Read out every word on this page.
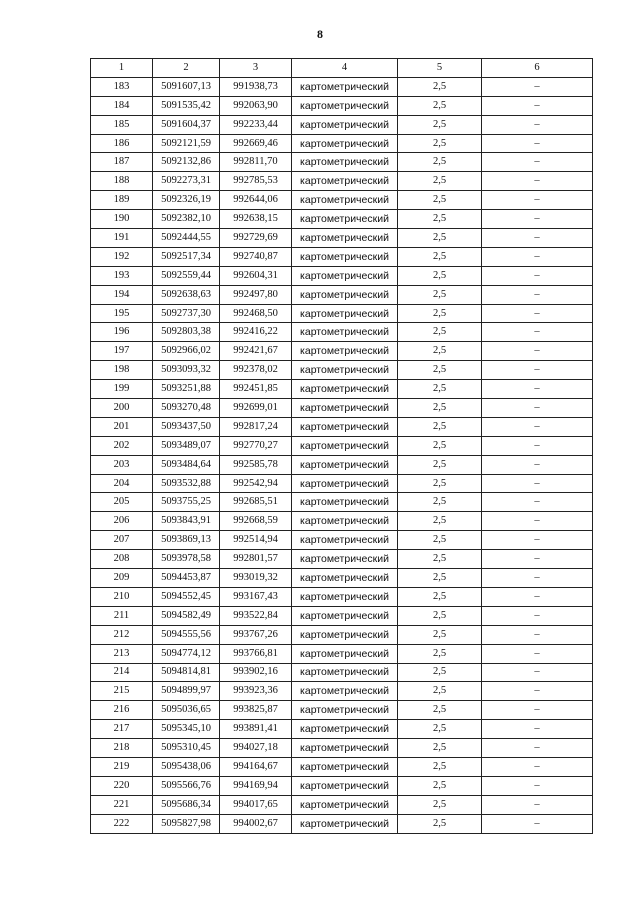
8
1	2	3	4	5	6
183	5091607,13	991938,73	картометрический	2,5	–
184	5091535,42	992063,90	картометрический	2,5	–
185	5091604,37	992233,44	картометрический	2,5	–
186	5092121,59	992669,46	картометрический	2,5	–
187	5092132,86	992811,70	картометрический	2,5	–
188	5092273,31	992785,53	картометрический	2,5	–
189	5092326,19	992644,06	картометрический	2,5	–
190	5092382,10	992638,15	картометрический	2,5	–
191	5092444,55	992729,69	картометрический	2,5	–
192	5092517,34	992740,87	картометрический	2,5	–
193	5092559,44	992604,31	картометрический	2,5	–
194	5092638,63	992497,80	картометрический	2,5	–
195	5092737,30	992468,50	картометрический	2,5	–
196	5092803,38	992416,22	картометрический	2,5	–
197	5092966,02	992421,67	картометрический	2,5	–
198	5093093,32	992378,02	картометрический	2,5	–
199	5093251,88	992451,85	картометрический	2,5	–
200	5093270,48	992699,01	картометрический	2,5	–
201	5093437,50	992817,24	картометрический	2,5	–
202	5093489,07	992770,27	картометрический	2,5	–
203	5093484,64	992585,78	картометрический	2,5	–
204	5093532,88	992542,94	картометрический	2,5	–
205	5093755,25	992685,51	картометрический	2,5	–
206	5093843,91	992668,59	картометрический	2,5	–
207	5093869,13	992514,94	картометрический	2,5	–
208	5093978,58	992801,57	картометрический	2,5	–
209	5094453,87	993019,32	картометрический	2,5	–
210	5094552,45	993167,43	картометрический	2,5	–
211	5094582,49	993522,84	картометрический	2,5	–
212	5094555,56	993767,26	картометрический	2,5	–
213	5094774,12	993766,81	картометрический	2,5	–
214	5094814,81	993902,16	картометрический	2,5	–
215	5094899,97	993923,36	картометрический	2,5	–
216	5095036,65	993825,87	картометрический	2,5	–
217	5095345,10	993891,41	картометрический	2,5	–
218	5095310,45	994027,18	картометрический	2,5	–
219	5095438,06	994164,67	картометрический	2,5	–
220	5095566,76	994169,94	картометрический	2,5	–
221	5095686,34	994017,65	картометрический	2,5	–
222	5095827,98	994002,67	картометрический	2,5	–
